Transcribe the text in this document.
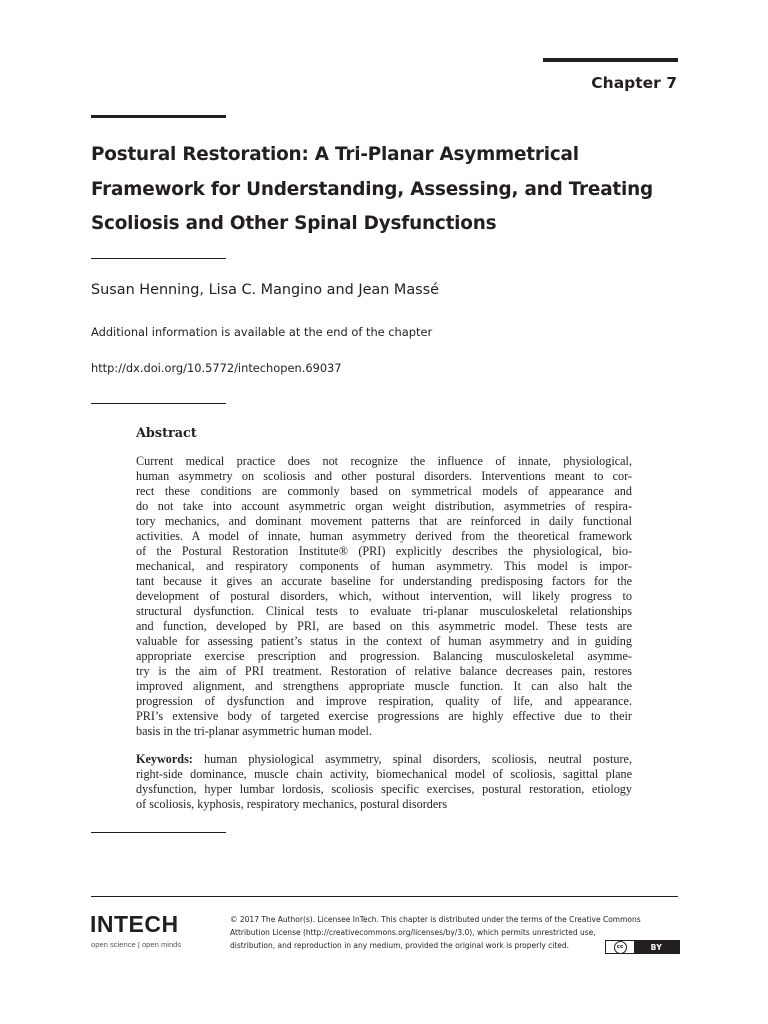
Chapter 7
Postural Restoration: A Tri-Planar Asymmetrical
Framework for Understanding, Assessing, and Treating
Scoliosis and Other Spinal Dysfunctions
Susan Henning, Lisa C. Mangino and Jean Massé
Additional information is available at the end of the chapter
http://dx.doi.org/10.5772/intechopen.69037
Abstract
Current medical practice does not recognize the influence of innate, physiological,
human asymmetry on scoliosis and other postural disorders. Interventions meant to cor-
rect these conditions are commonly based on symmetrical models of appearance and
do not take into account asymmetric organ weight distribution, asymmetries of respira-
tory mechanics, and dominant movement patterns that are reinforced in daily functional
activities. A model of innate, human asymmetry derived from the theoretical framework
of the Postural Restoration Institute® (PRI) explicitly describes the physiological, bio-
mechanical, and respiratory components of human asymmetry. This model is impor-
tant because it gives an accurate baseline for understanding predisposing factors for the
development of postural disorders, which, without intervention, will likely progress to
structural dysfunction. Clinical tests to evaluate tri-planar musculoskeletal relationships
and function, developed by PRI, are based on this asymmetric model. These tests are
valuable for assessing patient’s status in the context of human asymmetry and in guiding
appropriate exercise prescription and progression. Balancing musculoskeletal asymme-
try is the aim of PRI treatment. Restoration of relative balance decreases pain, restores
improved alignment, and strengthens appropriate muscle function. It can also halt the
progression of dysfunction and improve respiration, quality of life, and appearance.
PRI’s extensive body of targeted exercise progressions are highly effective due to their
basis in the tri-planar asymmetric human model.
Keywords: human physiological asymmetry, spinal disorders, scoliosis, neutral posture,
right-side dominance, muscle chain activity, biomechanical model of scoliosis, sagittal plane
dysfunction, hyper lumbar lordosis, scoliosis specific exercises, postural restoration, etiology
of scoliosis, kyphosis, respiratory mechanics, postural disorders
INTECH
open science | open minds
© 2017 The Author(s). Licensee InTech. This chapter is distributed under the terms of the Creative Commons
Attribution License (http://creativecommons.org/licenses/by/3.0), which permits unrestricted use,
distribution, and reproduction in any medium, provided the original work is properly cited.	cc	BY
